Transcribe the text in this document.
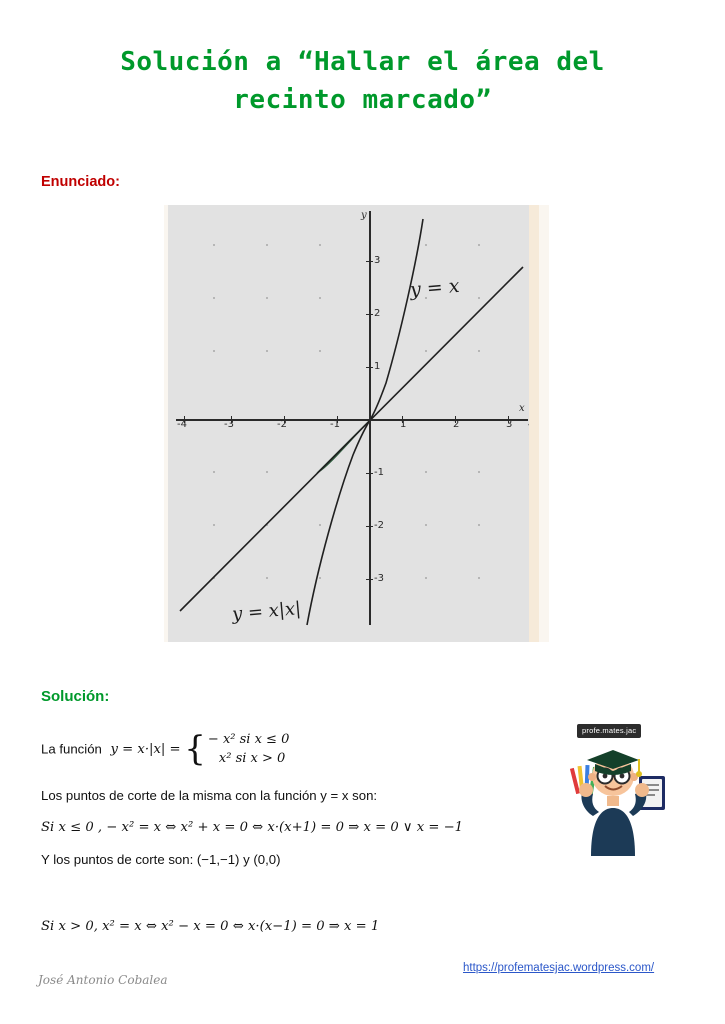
Solución a “Hallar el área del recinto marcado”
Enunciado:
-4	-3	-2	-1	1	2	3
3
2
1
-1
-2
-3
y
x
y = x
y = x|x|
Solución:
La función y = x·|x| = { − x² si x ≤ 0
x² si x > 0
Los puntos de corte de la misma con la función y = x son:
Si x ≤ 0 , − x² = x ⇔ x² + x = 0 ⇔ x·(x+1) = 0 ⇒ x = 0 ∨ x = −1
Y los puntos de corte son: (−1,−1) y (0,0)
Si x > 0, x² = x ⇔ x² − x = 0 ⇔ x·(x−1) = 0 ⇒ x = 1
profe.mates.jac
José Antonio Cobalea
https://profematesjac.wordpress.com/
